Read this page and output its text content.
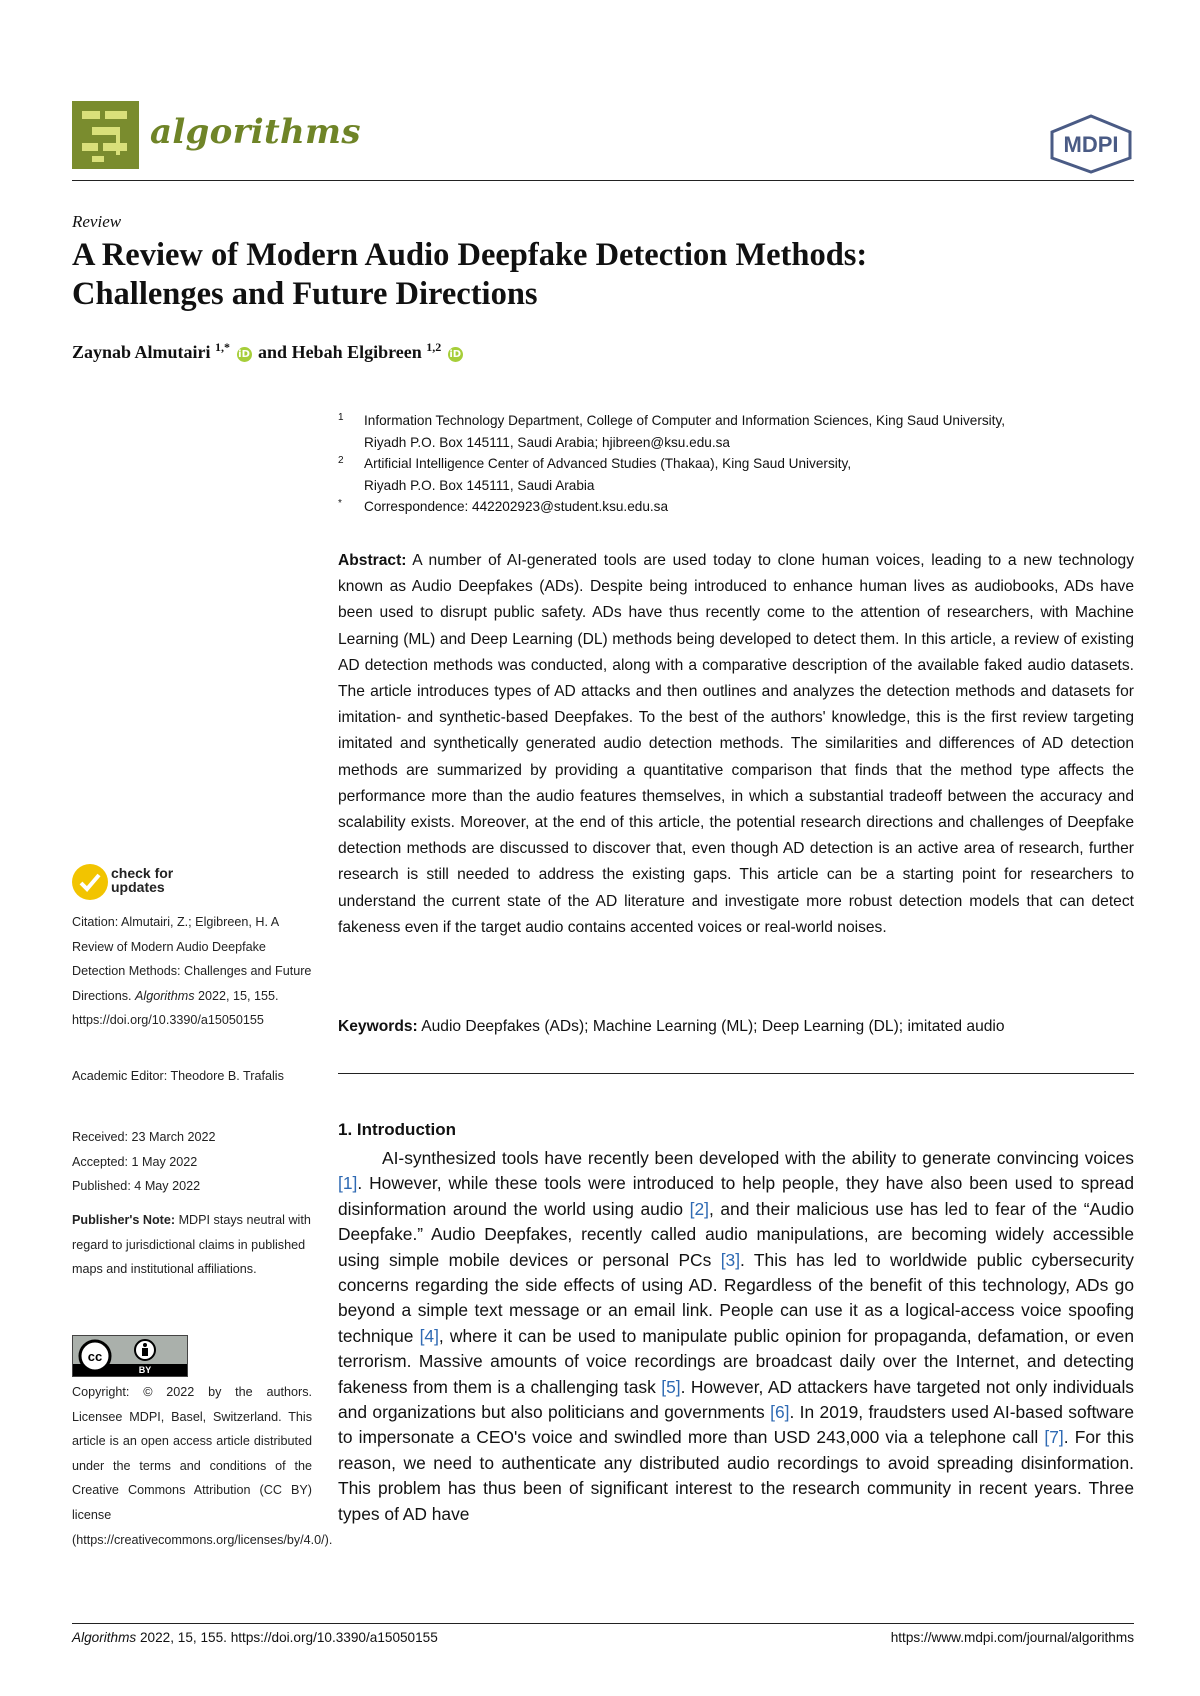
algorithms	MDPI
Review
A Review of Modern Audio Deepfake Detection Methods:
Challenges and Future Directions
Zaynab Almutairi $^{1,*}$ iD and Hebah Elgibreen $^{1,2}$ iD
1	Information Technology Department, College of Computer and Information Sciences, King Saud University,
Riyadh P.O. Box 145111, Saudi Arabia; hjibreen@ksu.edu.sa
2	Artificial Intelligence Center of Advanced Studies (Thakaa), King Saud University,
Riyadh P.O. Box 145111, Saudi Arabia
*	Correspondence: 442202923@student.ksu.edu.sa
Abstract: A number of AI-generated tools are used today to clone human voices, leading to a new technology known as Audio Deepfakes (ADs). Despite being introduced to enhance human lives as audiobooks, ADs have been used to disrupt public safety. ADs have thus recently come to the attention of researchers, with Machine Learning (ML) and Deep Learning (DL) methods being developed to detect them. In this article, a review of existing AD detection methods was conducted, along with a comparative description of the available faked audio datasets. The article introduces types of AD attacks and then outlines and analyzes the detection methods and datasets for imitation- and synthetic-based Deepfakes. To the best of the authors' knowledge, this is the first review targeting imitated and synthetically generated audio detection methods. The similarities and differences of AD detection methods are summarized by providing a quantitative comparison that finds that the method type affects the performance more than the audio features themselves, in which a substantial tradeoff between the accuracy and scalability exists. Moreover, at the end of this article, the potential research directions and challenges of Deepfake detection methods are discussed to discover that, even though AD detection is an active area of research, further research is still needed to address the existing gaps. This article can be a starting point for researchers to understand the current state of the AD literature and investigate more robust detection models that can detect fakeness even if the target audio contains accented voices or real-world noises.
Keywords: Audio Deepfakes (ADs); Machine Learning (ML); Deep Learning (DL); imitated audio
1. Introduction
AI-synthesized tools have recently been developed with the ability to generate convincing voices [1]. However, while these tools were introduced to help people, they have also been used to spread disinformation around the world using audio [2], and their malicious use has led to fear of the “Audio Deepfake.” Audio Deepfakes, recently called audio manipulations, are becoming widely accessible using simple mobile devices or personal PCs [3]. This has led to worldwide public cybersecurity concerns regarding the side effects of using AD. Regardless of the benefit of this technology, ADs go beyond a simple text message or an email link. People can use it as a logical-access voice spoofing technique [4], where it can be used to manipulate public opinion for propaganda, defamation, or even terrorism. Massive amounts of voice recordings are broadcast daily over the Internet, and detecting fakeness from them is a challenging task [5]. However, AD attackers have targeted not only individuals and organizations but also politicians and governments [6]. In 2019, fraudsters used AI-based software to impersonate a CEO's voice and swindled more than USD 243,000 via a telephone call [7]. For this reason, we need to authenticate any distributed audio recordings to avoid spreading disinformation. This problem has thus been of significant interest to the research community in recent years. Three types of AD have
check for
updates
Citation: Almutairi, Z.; Elgibreen, H. A Review of Modern Audio Deepfake Detection Methods: Challenges and Future Directions. Algorithms 2022, 15, 155. https://doi.org/10.3390/a15050155
Academic Editor: Theodore B. Trafalis
Received: 23 March 2022
Accepted: 1 May 2022
Published: 4 May 2022
Publisher's Note: MDPI stays neutral with regard to jurisdictional claims in published maps and institutional affiliations.
cc
BY
Copyright: © 2022 by the authors. Licensee MDPI, Basel, Switzerland. This article is an open access article distributed under the terms and conditions of the Creative Commons Attribution (CC BY) license (https://creativecommons.org/licenses/by/4.0/).
Algorithms 2022, 15, 155. https://doi.org/10.3390/a15050155	https://www.mdpi.com/journal/algorithms
